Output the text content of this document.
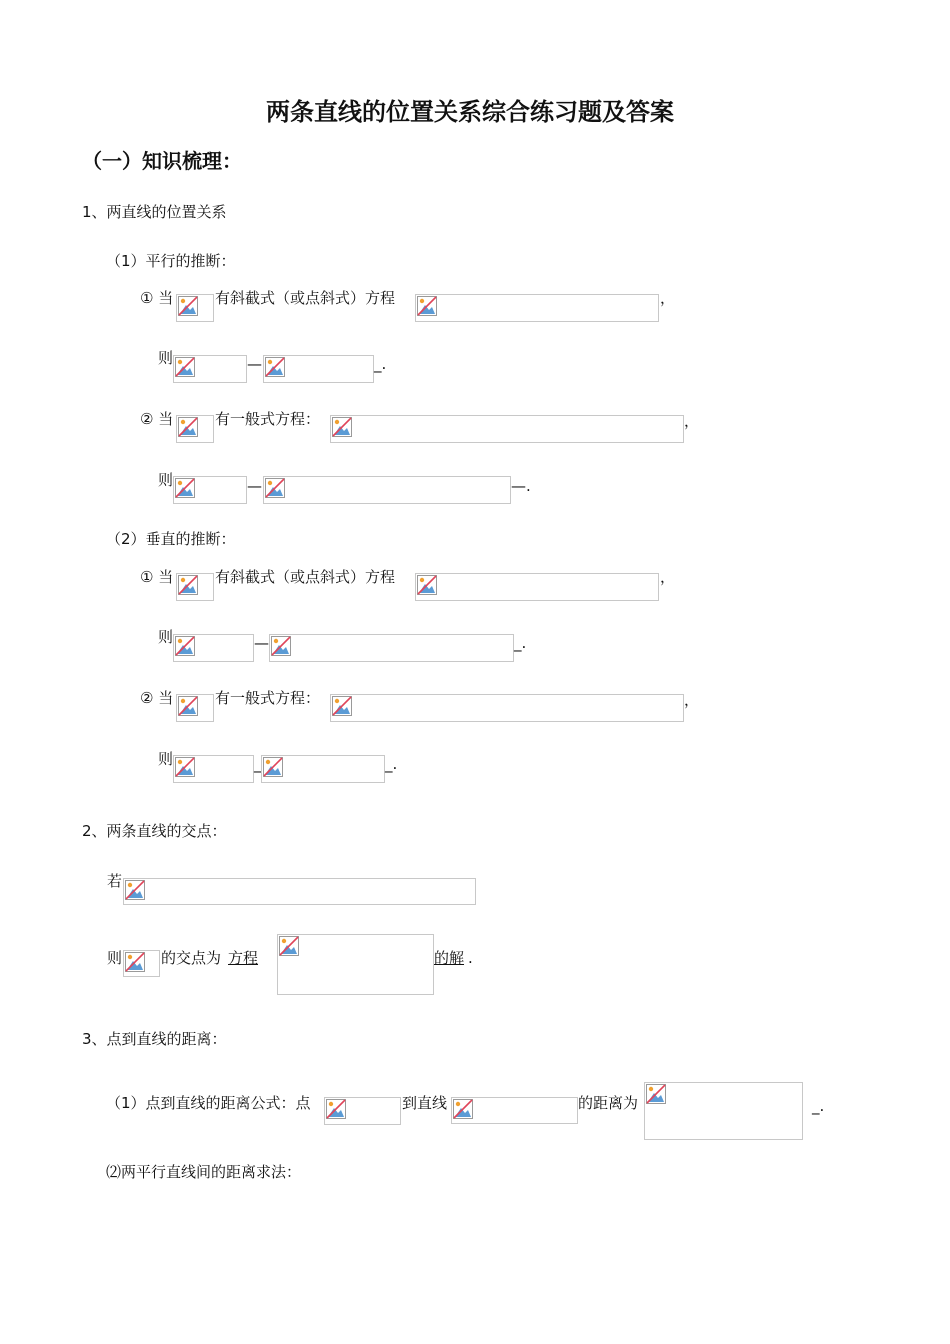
两条直线的位置关系综合练习题及答案
（一）知识梳理：
1、两直线的位置关系
（1）平行的推断：
① 当	有斜截式（或点斜式）方程	，
则	—	_.
② 当	有一般式方程：	，
则	—	—.
（2）垂直的推断：
① 当	有斜截式（或点斜式）方程	，
则	—	_.
② 当	有一般式方程：	，
则	_	_.
2、两条直线的交点：
若
则	的交点为 方程	的解 .
3、点到直线的距离：
（1）点到直线的距离公式：点	到直线	的距离为	_.
⑵两平行直线间的距离求法：
